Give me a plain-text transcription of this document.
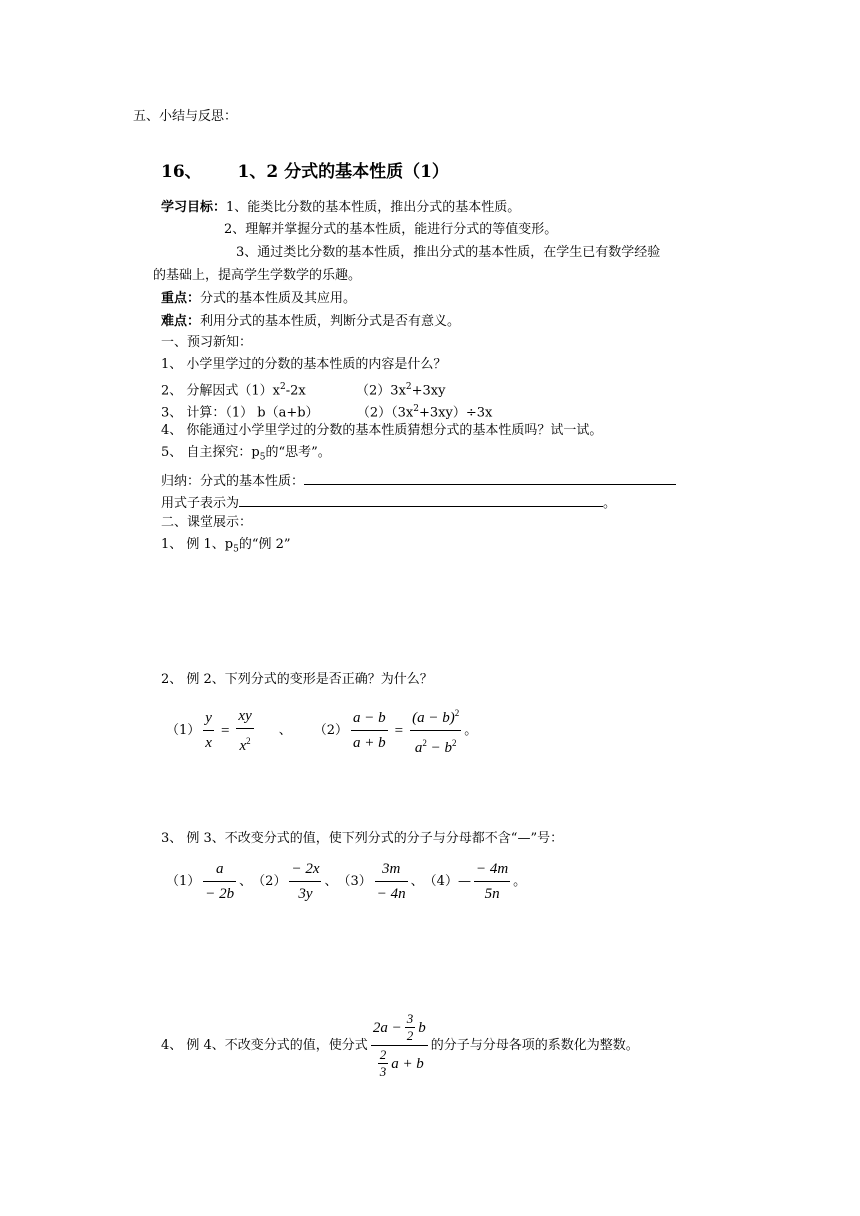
五、小结与反思：
16、 1、2 分式的基本性质（1）
学习目标：1、能类比分数的基本性质，推出分式的基本性质。
2、理解并掌握分式的基本性质，能进行分式的等值变形。
3、通过类比分数的基本性质，推出分式的基本性质，在学生已有数学经验
的基础上，提高学生学数学的乐趣。
重点：分式的基本性质及其应用。
难点：利用分式的基本性质，判断分式是否有意义。
一、预习新知：
1、 小学里学过的分数的基本性质的内容是什么？
2、 分解因式$(1)x^2-2x$	$(2)3x^2+3xy$
3、 计算：（1） b（a+b）	$(2)(3x^2+3xy)\div 3x$
4、 你能通过小学里学过的分数的基本性质猜想分式的基本性质吗？试一试。
5、 自主探究：$p_5$的“思考”。
归纳：分式的基本性质：
用式子表示为	。
二、课堂展示：
1、 例 1、$p_5$的“例 2”
2、 例 2、下列分式的变形是否正确？为什么？
$(1) \frac{y}{x} = \frac{xy}{x^2}$ 、 $(2) \frac{a - b}{a + b} = \frac{(a - b)^2}{a^2 - b^2}$ 。
3、 例 3、不改变分式的值，使下列分式的分子与分母都不含“—”号：
$(1) \frac{a}{- 2b}$ 、 $(2) \frac{- 2x}{3y}$ 、 $(3) \frac{3m}{- 4n}$ 、 （4）— $\frac{- 4m}{5n}$ 。
4、 例 4、不改变分式的值，使分式 $\frac{2a - \frac{3}{2} b}{\frac{2}{3} a + b}$ 的分子与分母各项的系数化为整数。
